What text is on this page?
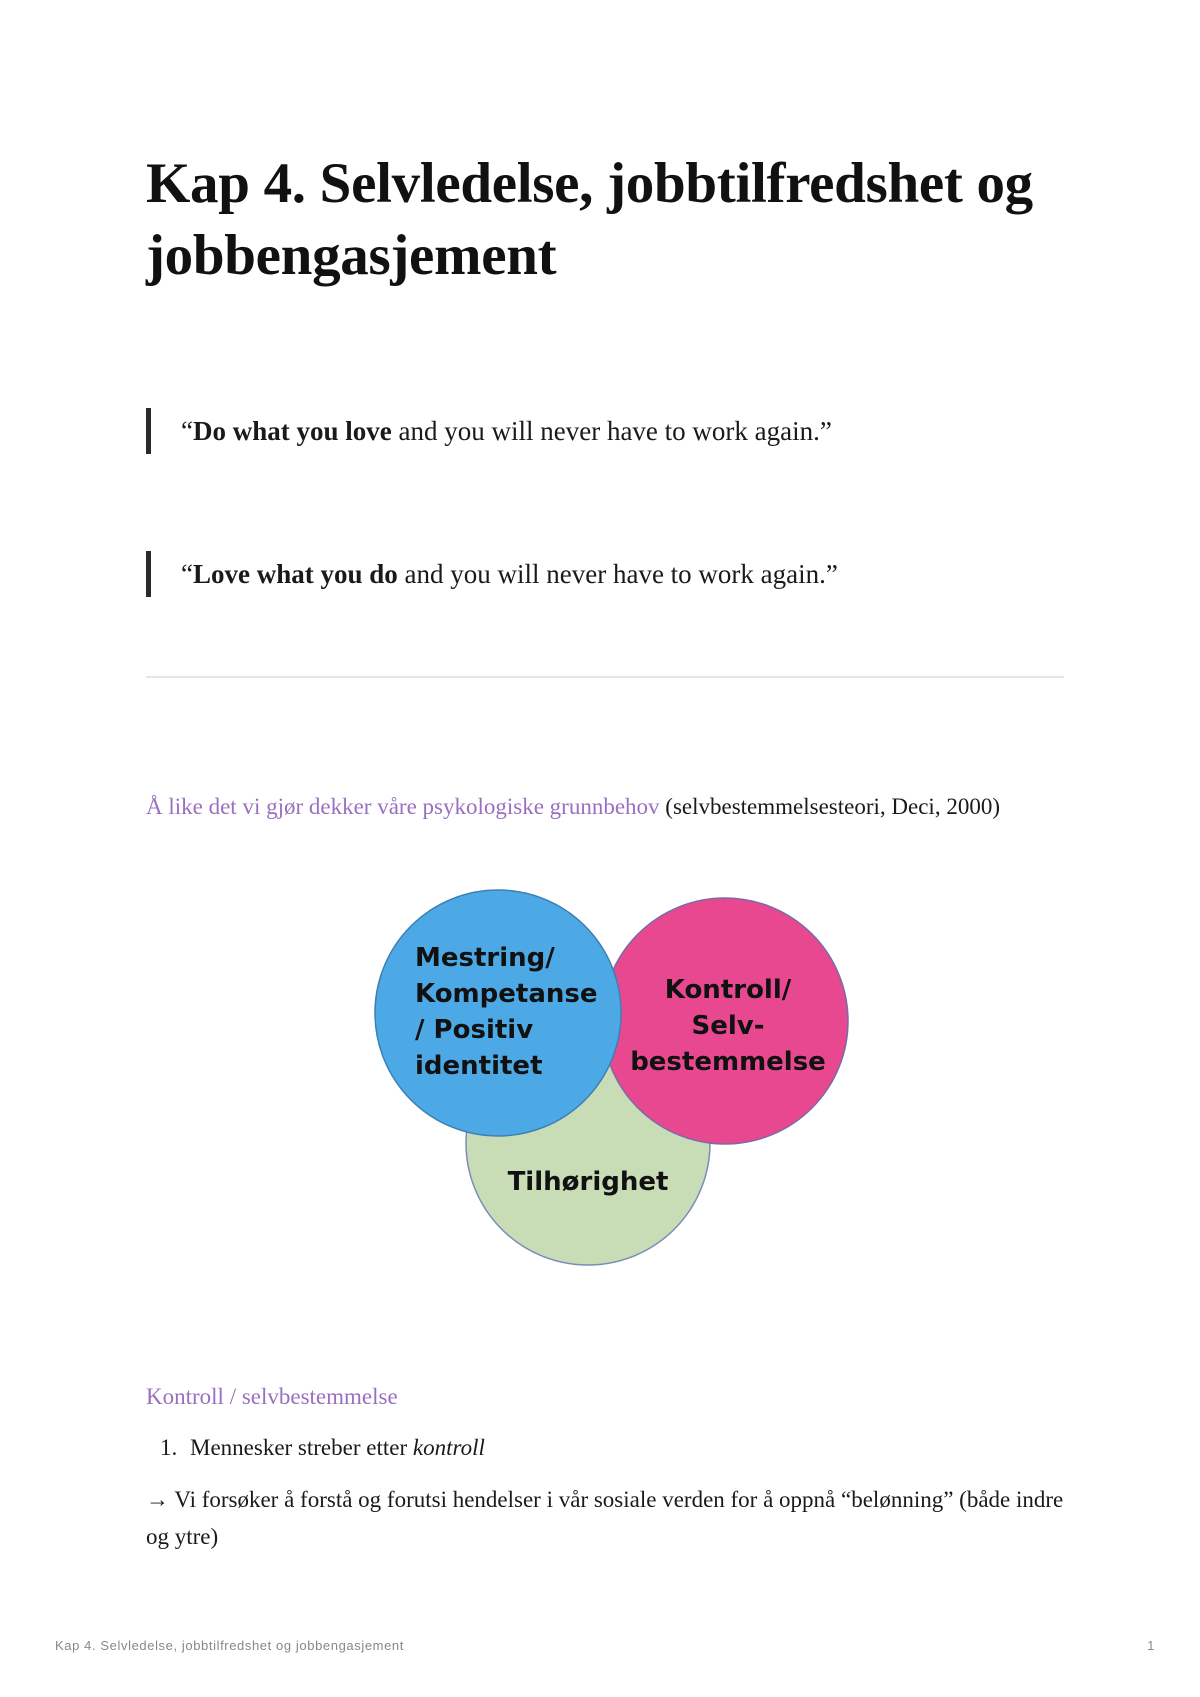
Kap 4. Selvledelse, jobbtilfredshet og jobbengasjement
“Do what you love and you will never have to work again.”
“Love what you do and you will never have to work again.”
Å like det vi gjør dekker våre psykologiske grunnbehov (selvbestemmelsesteori, Deci, 2000)
Mestring/
Kompetanse
/ Positiv
identitet
Kontroll/
Selv-
bestemmelse
Tilhørighet
Kontroll / selvbestemmelse
1. Mennesker streber etter kontroll
→ Vi forsøker å forstå og forutsi hendelser i vår sosiale verden for å oppnå “belønning” (både indre og ytre)
Kap 4. Selvledelse, jobbtilfredshet og jobbengasjement	1
